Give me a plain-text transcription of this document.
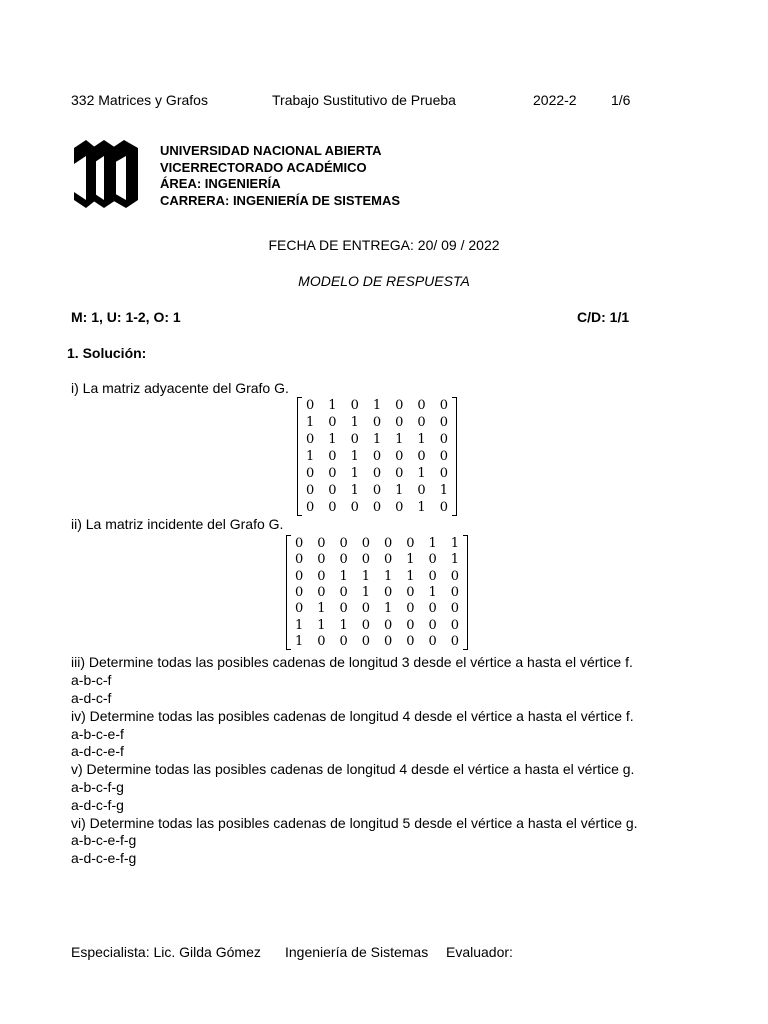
332 Matrices y Grafos	Trabajo Sustitutivo de Prueba	2022-2 1/6
UNIVERSIDAD NACIONAL ABIERTA
VICERRECTORADO ACADÉMICO
ÁREA: INGENIERÍA
CARRERA: INGENIERÍA DE SISTEMAS
FECHA DE ENTREGA: 20/ 09 / 2022
MODELO DE RESPUESTA
M: 1, U: 1-2, O: 1	C/D: 1/1
1. Solución:
i) La matriz adyacente del Grafo G.
0	1	0	1	0	0	0
1	0	1	0	0	0	0
0	1	0	1	1	1	0
1	0	1	0	0	0	0
0	0	1	0	0	1	0
0	0	1	0	1	0	1
0	0	0	0	0	1	0
ii) La matriz incidente del Grafo G.
0	0	0	0	0	0	1	1
0	0	0	0	0	1	0	1
0	0	1	1	1	1	0	0
0	0	0	1	0	0	1	0
0	1	0	0	1	0	0	0
1	1	1	0	0	0	0	0
1	0	0	0	0	0	0	0
iii) Determine todas las posibles cadenas de longitud 3 desde el vértice a hasta el vértice f.
a-b-c-f
a-d-c-f
iv) Determine todas las posibles cadenas de longitud 4 desde el vértice a hasta el vértice f.
a-b-c-e-f
a-d-c-e-f
v) Determine todas las posibles cadenas de longitud 4 desde el vértice a hasta el vértice g.
a-b-c-f-g
a-d-c-f-g
vi) Determine todas las posibles cadenas de longitud 5 desde el vértice a hasta el vértice g.
a-b-c-e-f-g
a-d-c-e-f-g
Especialista: Lic. Gilda Gómez Ingeniería de Sistemas Evaluador:
